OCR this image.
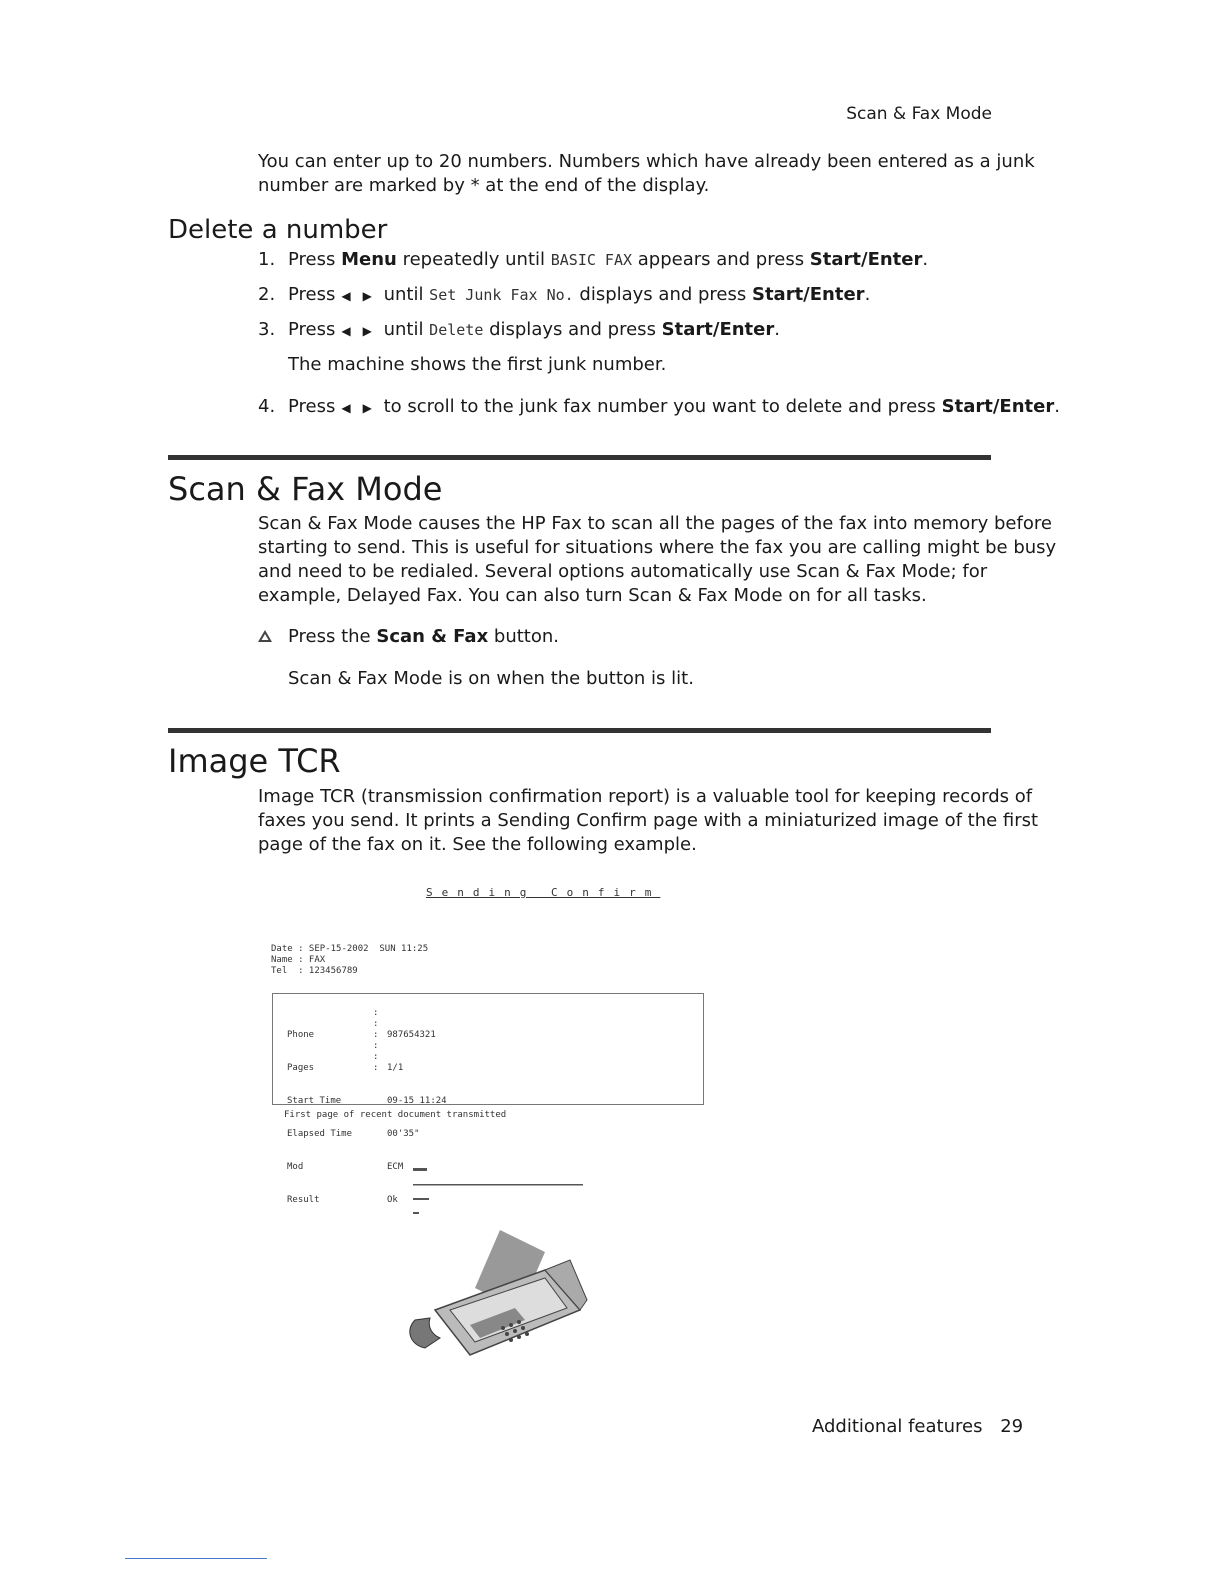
Scan & Fax Mode
You can enter up to 20 numbers. Numbers which have already been entered as a junk
number are marked by * at the end of the display.
Delete a number
1. Press Menu repeatedly until BASIC FAX appears and press Start/Enter.
2. Press ◀ ▶ until Set Junk Fax No. displays and press Start/Enter.
3. Press ◀ ▶ until Delete displays and press Start/Enter.
The machine shows the first junk number.
4. Press ◀ ▶ to scroll to the junk fax number you want to delete and press Start/Enter.
Scan & Fax Mode
Scan & Fax Mode causes the HP Fax to scan all the pages of the fax into memory before
starting to send. This is useful for situations where the fax you are calling might be busy
and need to be redialed. Several options automatically use Scan & Fax Mode; for
example, Delayed Fax. You can also turn Scan & Fax Mode on for all tasks.
Press the Scan & Fax button.
Scan & Fax Mode is on when the button is lit.
Image TCR
Image TCR (transmission confirmation report) is a valuable tool for keeping records of
faxes you send. It prints a Sending Confirm page with a miniaturized image of the first
page of the fax on it. See the following example.
Sending Confirm
Date : SEP-15-2002  SUN 11:25
Name : FAX
Tel  : 123456789

Phone

Pages

Start Time

Elapsed Time

Mod

Result

:
:
:
:
:
:

987654321

1/1

09-15 11:24

00'35"

ECM

Ok

First page of recent document transmitted
Additional features 29
